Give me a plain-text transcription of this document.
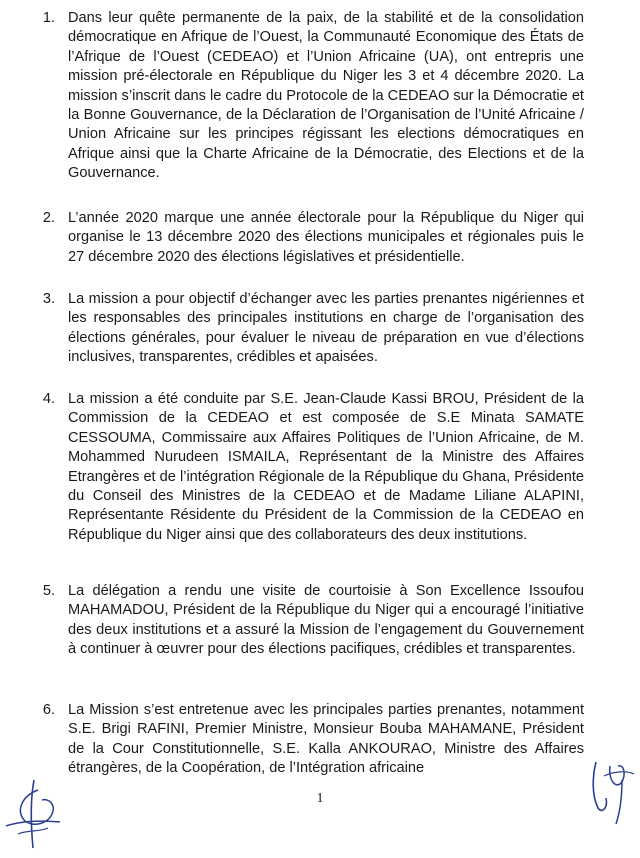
1. Dans leur quête permanente de la paix, de la stabilité et de la consolidation démocratique en Afrique de l’Ouest, la Communauté Economique des États de l’Afrique de l’Ouest (CEDEAO) et l’Union Africaine (UA), ont entrepris une mission pré-électorale en République du Niger les 3 et 4 décembre 2020. La mission s’inscrit dans le cadre du Protocole de la CEDEAO sur la Démocratie et la Bonne Gouvernance, de la Déclaration de l’Organisation de l’Unité Africaine / Union Africaine sur les principes régissant les elections démocratiques en Afrique ainsi que la Charte Africaine de la Démocratie, des Elections et de la Gouvernance.

2. L’année 2020 marque une année électorale pour la République du Niger qui organise le 13 décembre 2020 des élections municipales et régionales puis le 27 décembre 2020 des élections législatives et présidentielle.

3. La mission a pour objectif d’échanger avec les parties prenantes nigériennes et les responsables des principales institutions en charge de l’organisation des élections générales, pour évaluer le niveau de préparation en vue d’élections inclusives, transparentes, crédibles et apaisées.

4. La mission a été conduite par S.E. Jean-Claude Kassi BROU, Président de la Commission de la CEDEAO et est composée de S.E Minata SAMATE CESSOUMA, Commissaire aux Affaires Politiques de l’Union Africaine, de M. Mohammed Nurudeen ISMAILA, Représentant de la Ministre des Affaires Etrangères et de l’intégration Régionale de la République du Ghana, Présidente du Conseil des Ministres de la CEDEAO et de Madame Liliane ALAPINI, Représentante Résidente du Président de la Commission de la CEDEAO en République du Niger ainsi que des collaborateurs des deux institutions.

5. La délégation a rendu une visite de courtoisie à Son Excellence Issoufou MAHAMADOU, Président de la République du Niger qui a encouragé l’initiative des deux institutions et a assuré la Mission de l’engagement du Gouvernement à continuer à œuvrer pour des élections pacifiques, crédibles et transparentes.

6. La Mission s’est entretenue avec les principales parties prenantes, notamment S.E. Brigi RAFINI, Premier Ministre, Monsieur Bouba MAHAMANE, Président de la Cour Constitutionnelle, S.E. Kalla ANKOURAO, Ministre des Affaires étrangères, de la Coopération, de l’Intégration africaine

1
